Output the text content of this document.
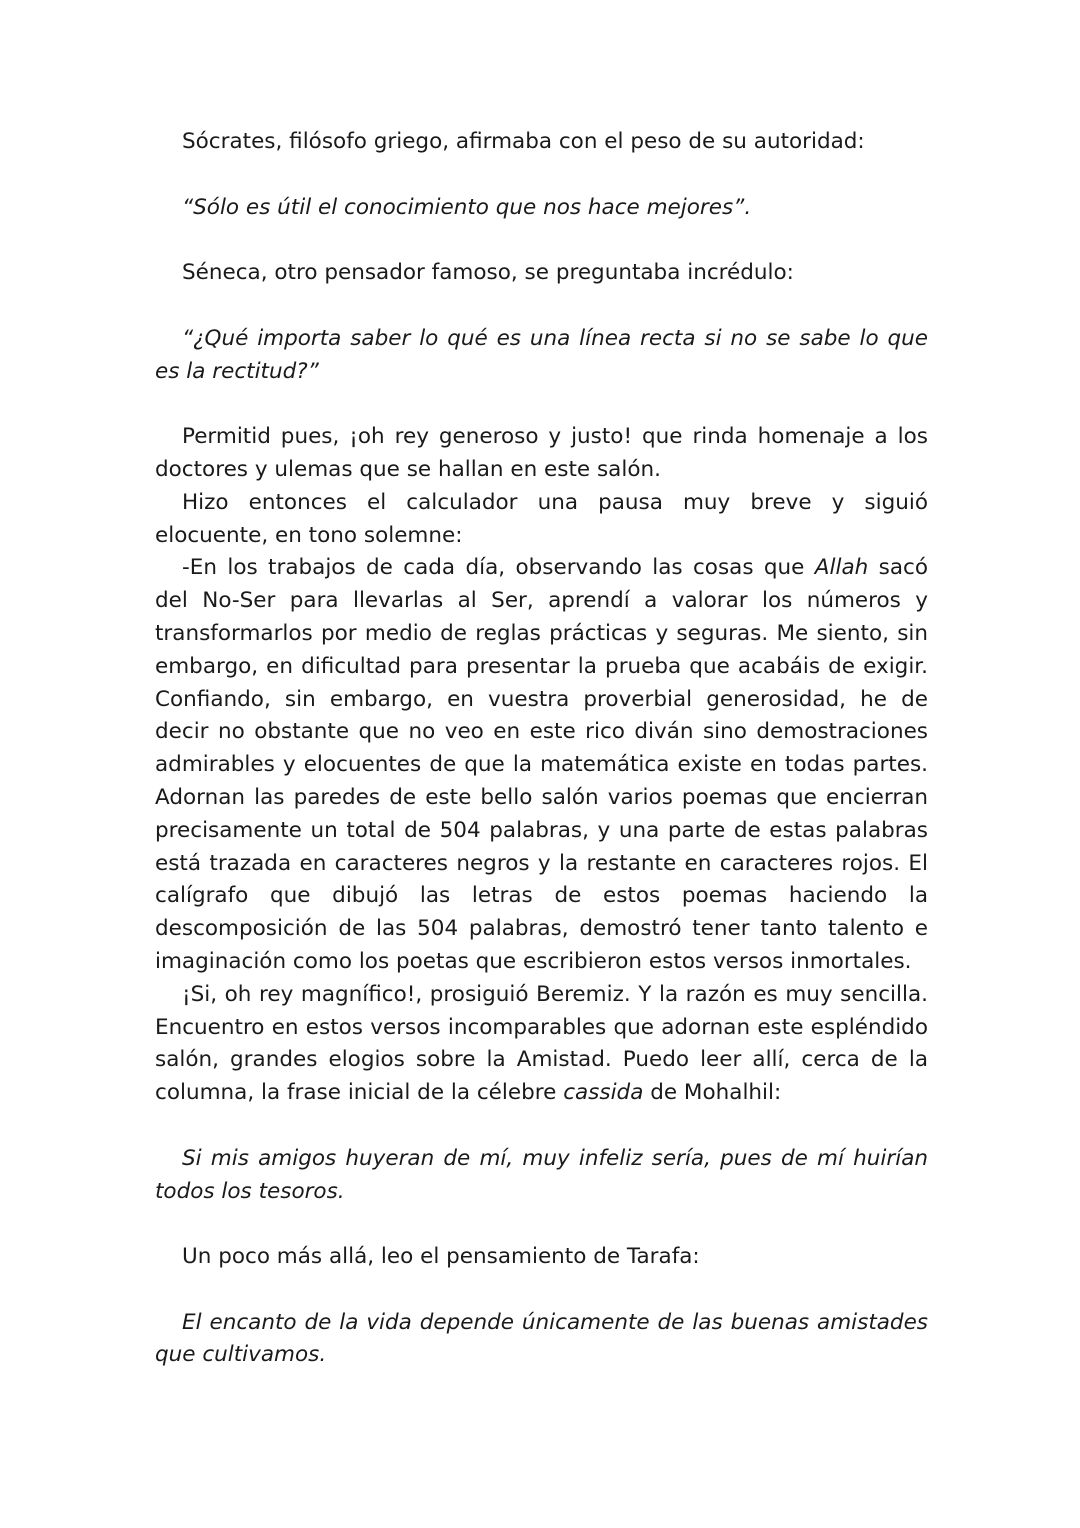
Sócrates, filósofo griego, afirmaba con el peso de su autoridad:

“Sólo es útil el conocimiento que nos hace mejores”.

Séneca, otro pensador famoso, se preguntaba incrédulo:

“¿Qué importa saber lo qué es una línea recta si no se sabe lo que es la rectitud?”

Permitid pues, ¡oh rey generoso y justo! que rinda homenaje a los doctores y ulemas que se hallan en este salón.

Hizo entonces el calculador una pausa muy breve y siguió elocuente, en tono solemne:

-En los trabajos de cada día, observando las cosas que Allah sacó del No-Ser para llevarlas al Ser, aprendí a valorar los números y transformarlos por medio de reglas prácticas y seguras. Me siento, sin embargo, en dificultad para presentar la prueba que acabáis de exigir. Confiando, sin embargo, en vuestra proverbial generosidad, he de decir no obstante que no veo en este rico diván sino demostraciones admirables y elocuentes de que la matemática existe en todas partes. Adornan las paredes de este bello salón varios poemas que encierran precisamente un total de 504 palabras, y una parte de estas palabras está trazada en caracteres negros y la restante en caracteres rojos. El calígrafo que dibujó las letras de estos poemas haciendo la descomposición de las 504 palabras, demostró tener tanto talento e imaginación como los poetas que escribieron estos versos inmortales.

¡Si, oh rey magnífico!, prosiguió Beremiz. Y la razón es muy sencilla. Encuentro en estos versos incomparables que adornan este espléndido salón, grandes elogios sobre la Amistad. Puedo leer allí, cerca de la columna, la frase inicial de la célebre cassida de Mohalhil:

Si mis amigos huyeran de mí, muy infeliz sería, pues de mí huirían todos los tesoros.

Un poco más allá, leo el pensamiento de Tarafa:

El encanto de la vida depende únicamente de las buenas amistades que cultivamos.
